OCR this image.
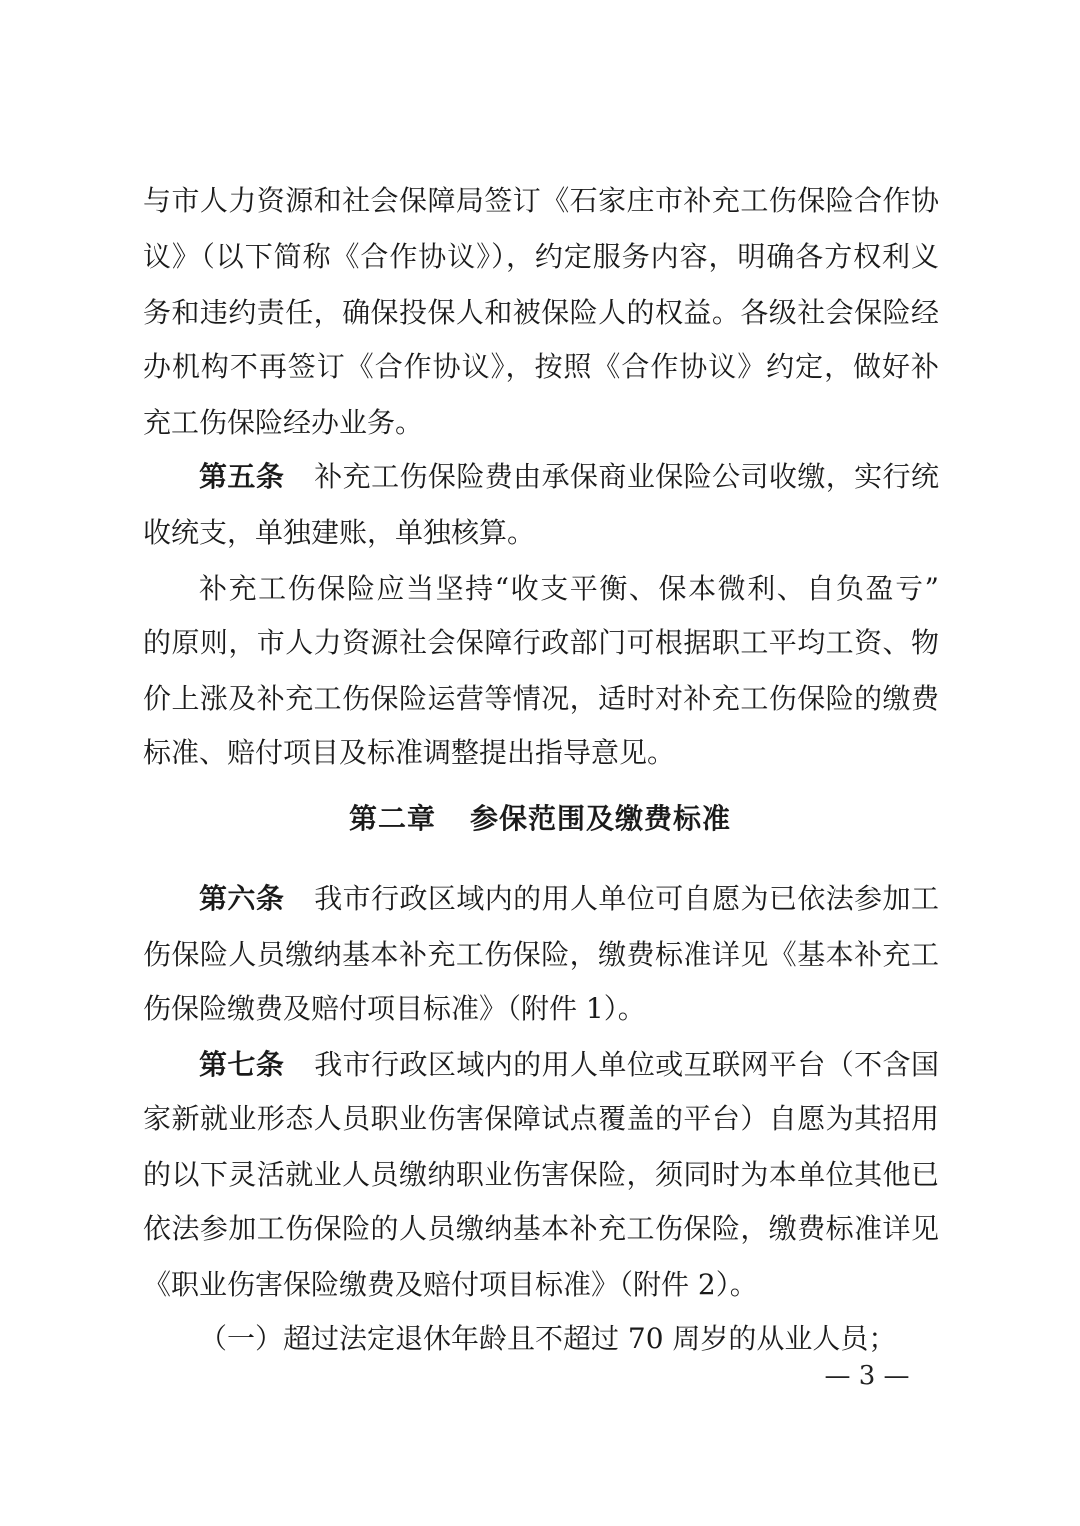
与市人力资源和社会保障局签订《石家庄市补充工伤保险合作协
议》（以下简称《合作协议》），约定服务内容，明确各方权利义
务和违约责任，确保投保人和被保险人的权益。各级社会保险经
办机构不再签订《合作协议》，按照《合作协议》约定，做好补
充工伤保险经办业务。
第五条 补充工伤保险费由承保商业保险公司收缴，实行统
收统支，单独建账，单独核算。
补充工伤保险应当坚持“收支平衡、保本微利、自负盈亏”
的原则，市人力资源社会保障行政部门可根据职工平均工资、物
价上涨及补充工伤保险运营等情况，适时对补充工伤保险的缴费
标准、赔付项目及标准调整提出指导意见。
第二章 参保范围及缴费标准
第六条 我市行政区域内的用人单位可自愿为已依法参加工
伤保险人员缴纳基本补充工伤保险，缴费标准详见《基本补充工
伤保险缴费及赔付项目标准》（附件 1）。
第七条 我市行政区域内的用人单位或互联网平台（不含国
家新就业形态人员职业伤害保障试点覆盖的平台）自愿为其招用
的以下灵活就业人员缴纳职业伤害保险，须同时为本单位其他已
依法参加工伤保险的人员缴纳基本补充工伤保险，缴费标准详见
《职业伤害保险缴费及赔付项目标准》（附件 2）。
（一）超过法定退休年龄且不超过 70 周岁的从业人员；
— 3 —
